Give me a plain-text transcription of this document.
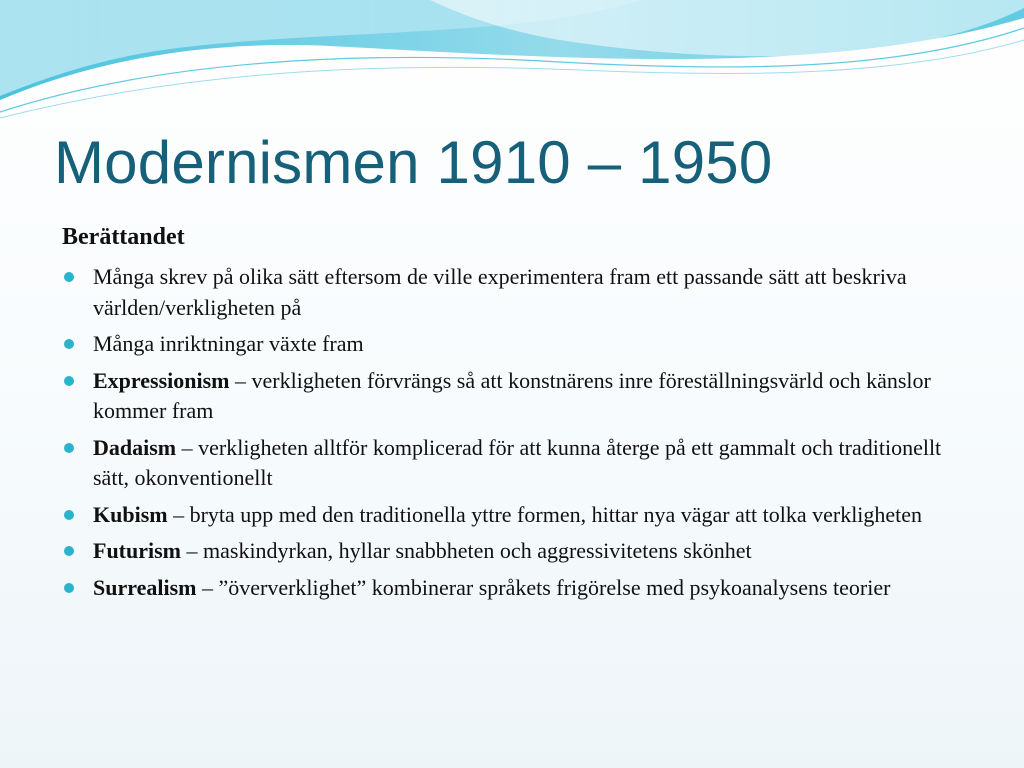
Modernismen 1910 – 1950
Berättandet
Många skrev på olika sätt eftersom de ville experimentera fram ett passande sätt att beskriva världen/verkligheten på
Många inriktningar växte fram
Expressionism – verkligheten förvrängs så att konstnärens inre föreställningsvärld och känslor kommer fram
Dadaism – verkligheten alltför komplicerad för att kunna återge på ett gammalt och traditionellt sätt, okonventionellt
Kubism – bryta upp med den traditionella yttre formen, hittar nya vägar att tolka verkligheten
Futurism – maskindyrkan, hyllar snabbheten och aggressivitetens skönhet
Surrealism – ”öververklighet” kombinerar språkets frigörelse med psykoanalysens teorier
